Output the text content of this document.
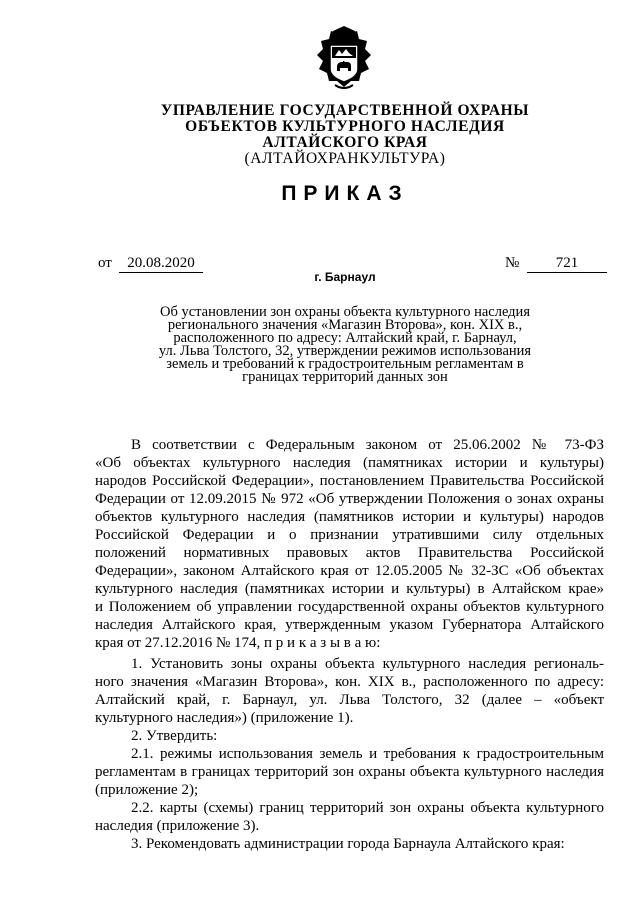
УПРАВЛЕНИЕ ГОСУДАРСТВЕННОЙ ОХРАНЫ
ОБЪЕКТОВ КУЛЬТУРНОГО НАСЛЕДИЯ
АЛТАЙСКОГО КРАЯ
(АЛТАЙОХРАНКУЛЬТУРА)
ПРИКАЗ
от	20.08.2020	№	721
г. Барнаул
Об установлении зон охраны объекта культурного наследия
регионального значения «Магазин Второва», кон. XIX в.,
расположенного по адресу: Алтайский край, г. Барнаул,
ул. Льва Толстого, 32, утверждении режимов использования
земель и требований к градостроительным регламентам в
границах территорий данных зон
В соответствии с Федеральным законом от 25.06.2002 № 73-ФЗ
«Об объектах культурного наследия (памятниках истории и культуры)
народов Российской Федерации», постановлением Правительства Российской
Федерации от 12.09.2015 № 972 «Об утверждении Положения о зонах охраны
объектов культурного наследия (памятников истории и культуры) народов
Российской Федерации и о признании утратившими силу отдельных
положений нормативных правовых актов Правительства Российской
Федерации», законом Алтайского края от 12.05.2005 № 32-ЗС «Об объектах
культурного наследия (памятниках истории и культуры) в Алтайском крае»
и Положением об управлении государственной охраны объектов культурного
наследия Алтайского края, утвержденным указом Губернатора Алтайского
края от 27.12.2016 № 174, п р и к а з ы в а ю:
1. Установить зоны охраны объекта культурного наследия региональ-
ного значения «Магазин Второва», кон. XIX в., расположенного по адресу:
Алтайский край, г. Барнаул, ул. Льва Толстого, 32 (далее – «объект
культурного наследия») (приложение 1).
2. Утвердить:
2.1. режимы использования земель и требования к градостроительным
регламентам в границах территорий зон охраны объекта культурного наследия
(приложение 2);
2.2. карты (схемы) границ территорий зон охраны объекта культурного
наследия (приложение 3).
3. Рекомендовать администрации города Барнаула Алтайского края:
